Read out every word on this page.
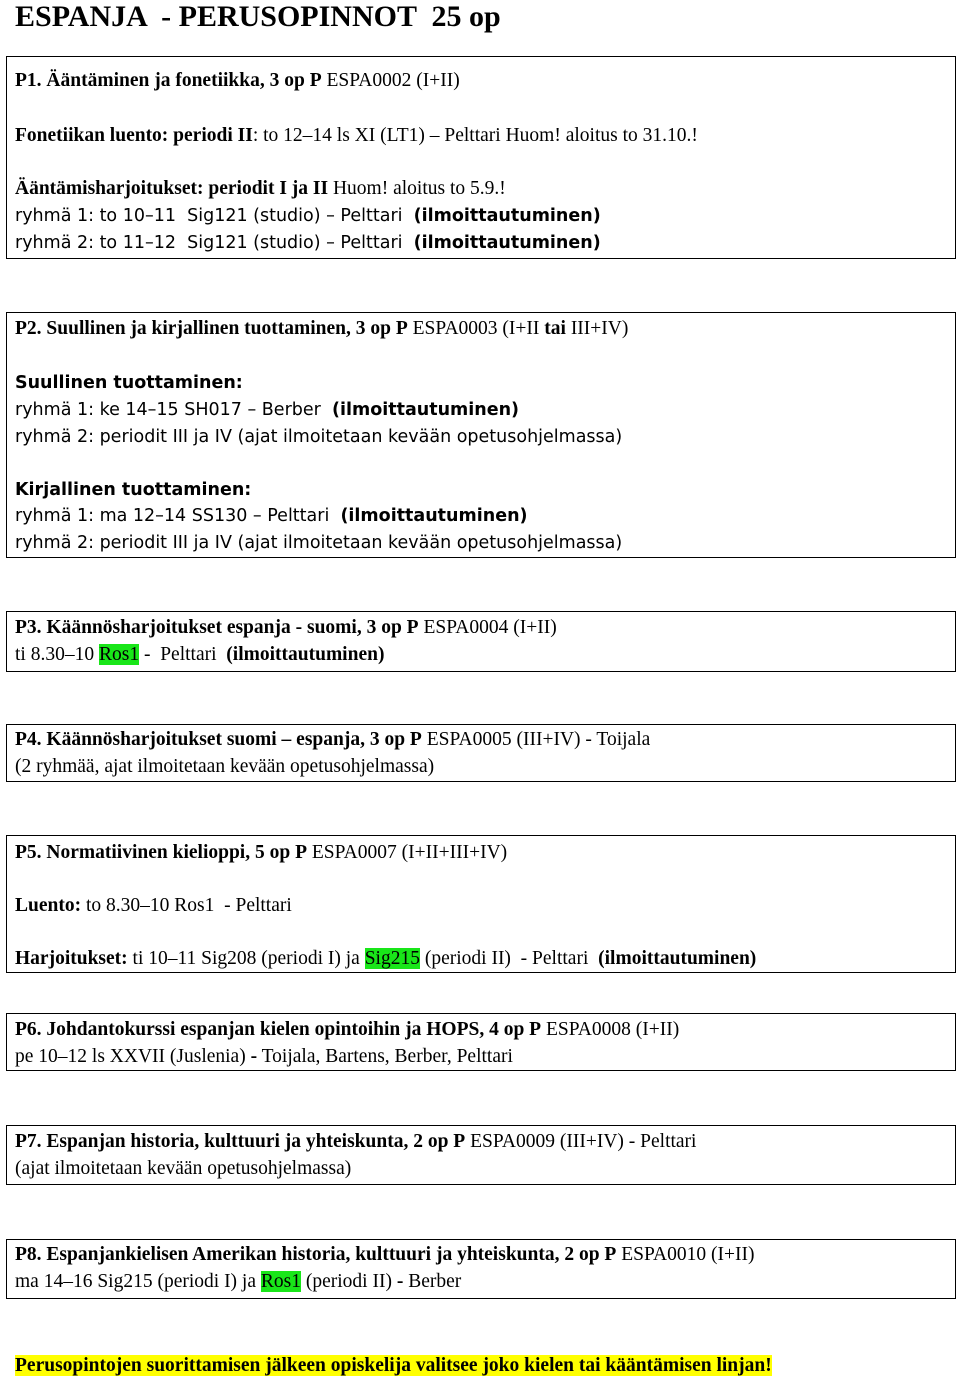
ESPANJA  - PERUSOPINNOT  25 op
P1. Ääntäminen ja fonetiikka, 3 op P ESPA0002 (I+II)
Fonetiikan luento: periodi II: to 12–14 ls XI (LT1) – Pelttari Huom! aloitus to 31.10.!
Ääntämisharjoitukset: periodit I ja II Huom! aloitus to 5.9.!
ryhmä 1: to 10–11  Sig121 (studio) – Pelttari  (ilmoittautuminen)
ryhmä 2: to 11–12  Sig121 (studio) – Pelttari  (ilmoittautuminen)
P2. Suullinen ja kirjallinen tuottaminen, 3 op P ESPA0003 (I+II tai III+IV)
Suullinen tuottaminen:
ryhmä 1: ke 14–15 SH017 – Berber  (ilmoittautuminen)
ryhmä 2: periodit III ja IV (ajat ilmoitetaan kevään opetusohjelmassa)
Kirjallinen tuottaminen:
ryhmä 1: ma 12–14 SS130 – Pelttari  (ilmoittautuminen)
ryhmä 2: periodit III ja IV (ajat ilmoitetaan kevään opetusohjelmassa)
P3. Käännösharjoitukset espanja - suomi, 3 op P ESPA0004 (I+II)
ti 8.30–10 Ros1 -  Pelttari  (ilmoittautuminen)
P4. Käännösharjoitukset suomi – espanja, 3 op P ESPA0005 (III+IV) - Toijala
(2 ryhmää, ajat ilmoitetaan kevään opetusohjelmassa)
P5. Normatiivinen kielioppi, 5 op P ESPA0007 (I+II+III+IV)
Luento: to 8.30–10 Ros1  - Pelttari
Harjoitukset: ti 10–11 Sig208 (periodi I) ja Sig215 (periodi II)  - Pelttari  (ilmoittautuminen)
P6. Johdantokurssi espanjan kielen opintoihin ja HOPS, 4 op P ESPA0008 (I+II)
pe 10–12 ls XXVII (Juslenia) - Toijala, Bartens, Berber, Pelttari
P7. Espanjan historia, kulttuuri ja yhteiskunta, 2 op P ESPA0009 (III+IV) - Pelttari
(ajat ilmoitetaan kevään opetusohjelmassa)
P8. Espanjankielisen Amerikan historia, kulttuuri ja yhteiskunta, 2 op P ESPA0010 (I+II)
ma 14–16 Sig215 (periodi I) ja Ros1 (periodi II) - Berber
Perusopintojen suorittamisen jälkeen opiskelija valitsee joko kielen tai kääntämisen linjan!
